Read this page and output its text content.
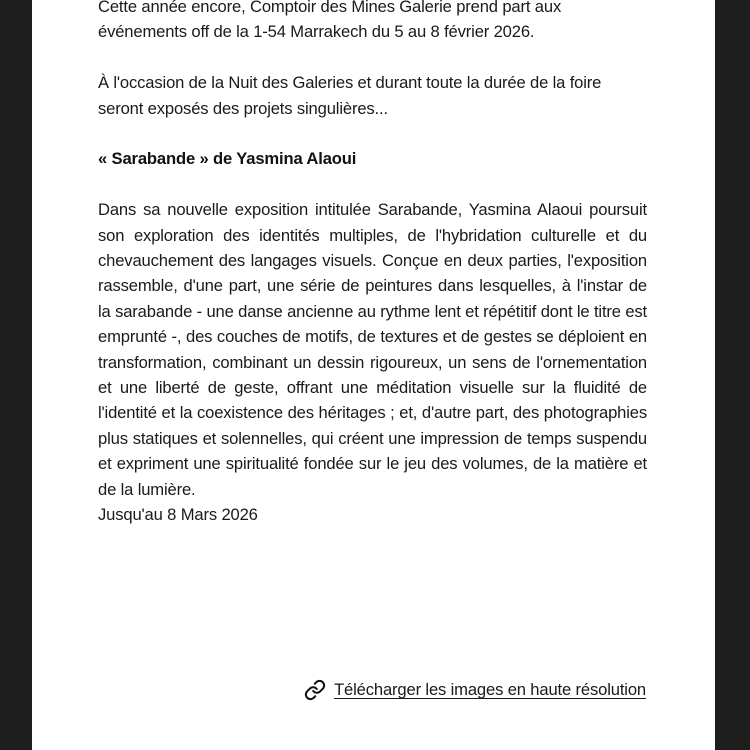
Cette année encore, Comptoir des Mines Galerie prend part aux événements off de la 1-54 Marrakech du 5 au 8 février 2026.

À l'occasion de la Nuit des Galeries et durant toute la durée de la foire seront exposés des projets singulières...

« Sarabande » de Yasmina Alaoui

Dans sa nouvelle exposition intitulée Sarabande, Yasmina Alaoui poursuit son exploration des identités multiples, de l'hybridation culturelle et du chevauchement des langages visuels. Conçue en deux parties, l'exposition rassemble, d'une part, une série de peintures dans lesquelles, à l'instar de la sarabande - une danse ancienne au rythme lent et répétitif dont le titre est emprunté -, des couches de motifs, de textures et de gestes se déploient en transformation, combinant un dessin rigoureux, un sens de l'ornementation et une liberté de geste, offrant une méditation visuelle sur la fluidité de l'identité et la coexistence des héritages ; et, d'autre part, des photographies plus statiques et solennelles, qui créent une impression de temps suspendu et expriment une spiritualité fondée sur le jeu des volumes, de la matière et de la lumière.

Jusqu'au 8 Mars 2026

Télécharger les images en haute résolution
